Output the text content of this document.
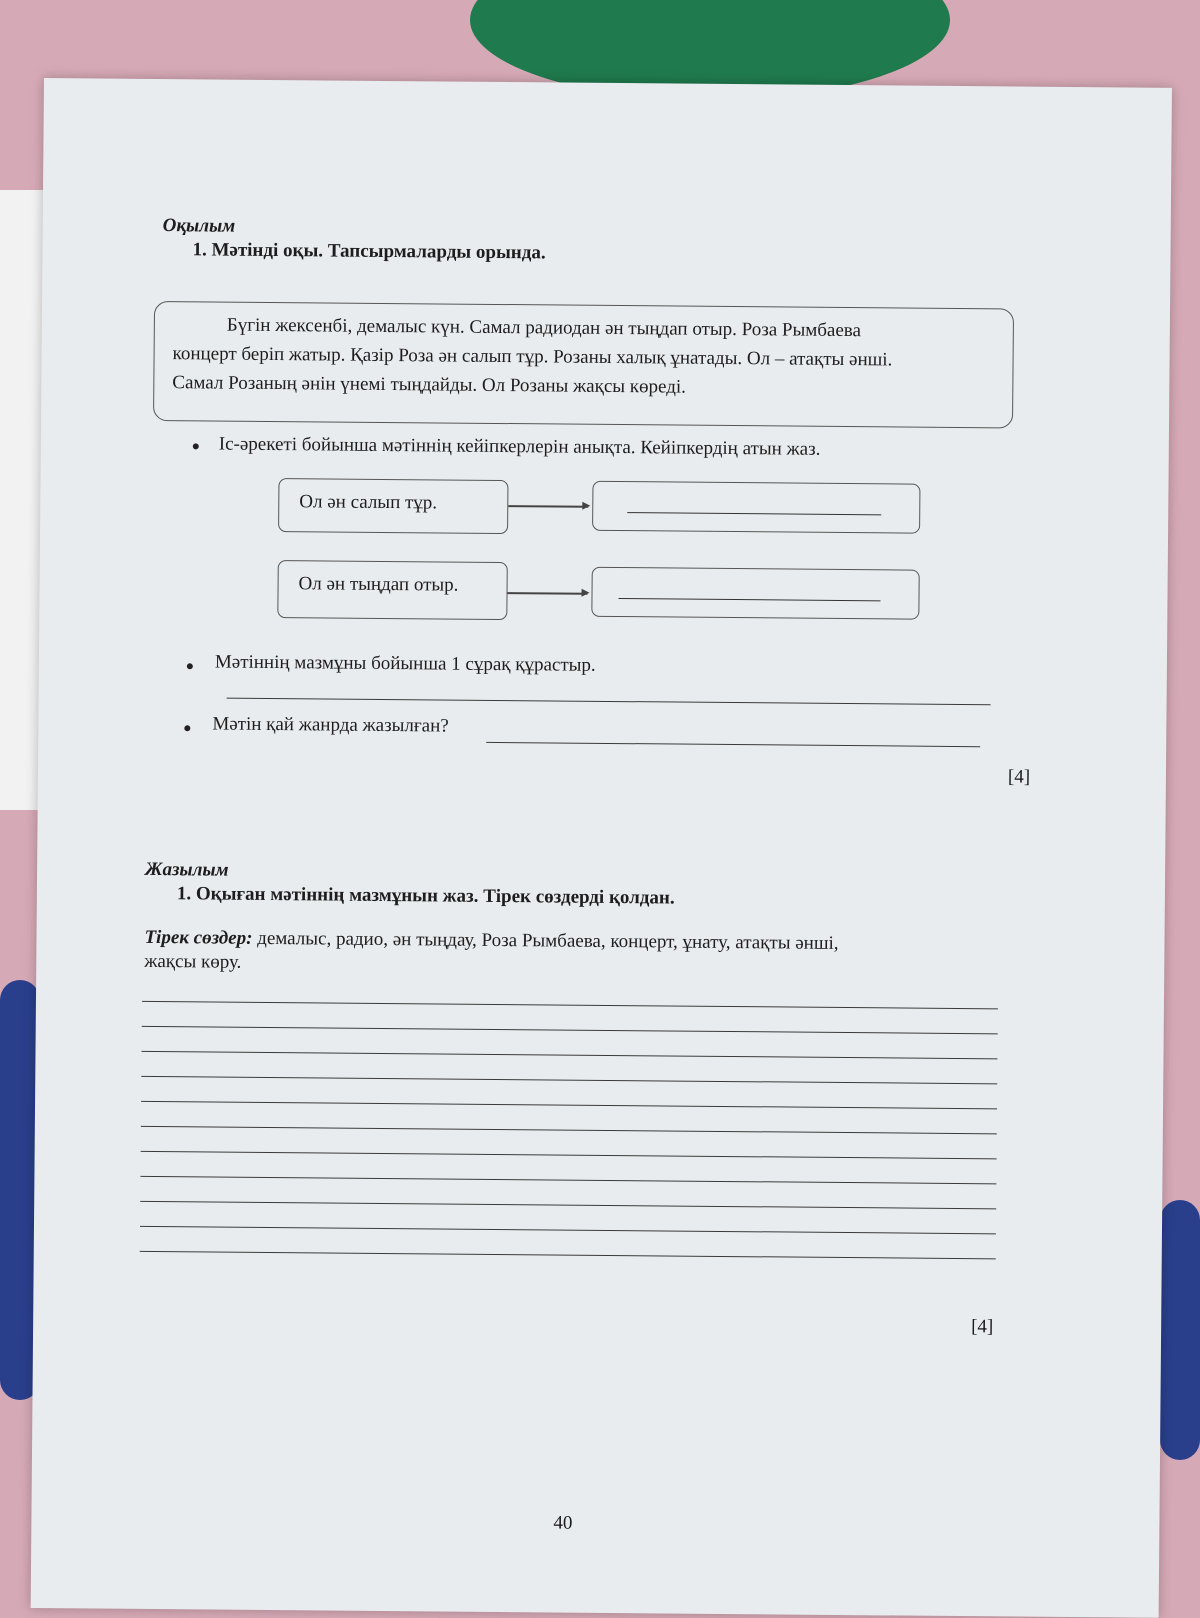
Оқылым
1. Мәтінді оқы. Тапсырмаларды орында.

Бүгін жексенбі, демалыс күн. Самал радиодан ән тыңдап отыр. Роза Рымбаева

концерт беріп жатыр. Қазір Роза ән салып тұр. Розаны халық ұнатады. Ол – атақты әнші.

Самал Розаның әнін үнемі тыңдайды. Ол Розаны жақсы көреді.

Іс-әрекеті бойынша мәтіннің кейіпкерлерін анықта. Кейіпкердің атын жаз.
Ол ән салып тұр.
Ол ән тыңдап отыр.
Мәтіннің мазмұны бойынша 1 сұрақ құрастыр.
Мәтін қай жанрда жазылған?
[4]
Жазылым
1. Оқыған мәтіннің мазмұнын жаз. Тірек сөздерді қолдан.
Тірек сөздер: демалыс, радио, ән тыңдау, Роза Рымбаева, концерт, ұнату, атақты әнші,
жақсы көру.
[4]
40
